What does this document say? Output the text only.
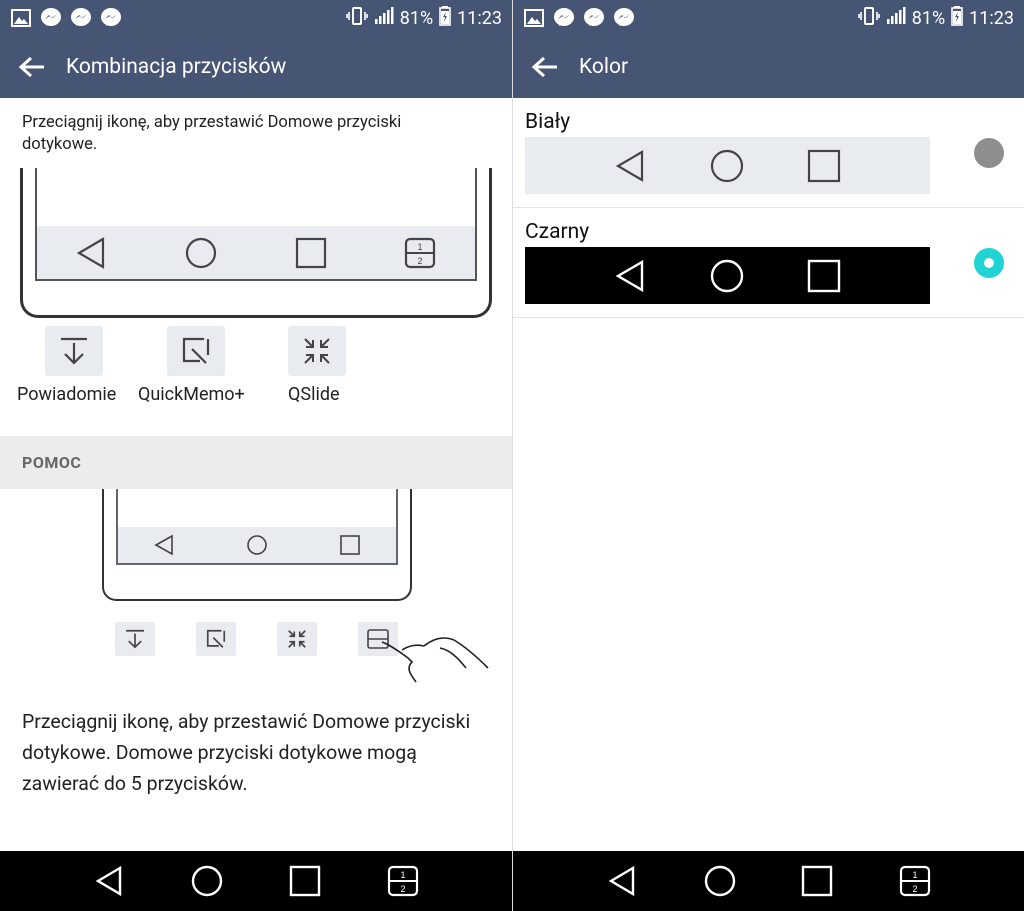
81% 11:23
Kombinacja przycisków
Przeciągnij ikonę, aby przestawić Domowe przyciski dotykowe.
1
2
Powiadomie	QuickMemo+	QSlide
POMOC
Przeciągnij ikonę, aby przestawić Domowe przyciski dotykowe. Domowe przyciski dotykowe mogą zawierać do 5 przycisków.
1
2
81% 11:23
Kolor
Biały
Czarny
1
2
